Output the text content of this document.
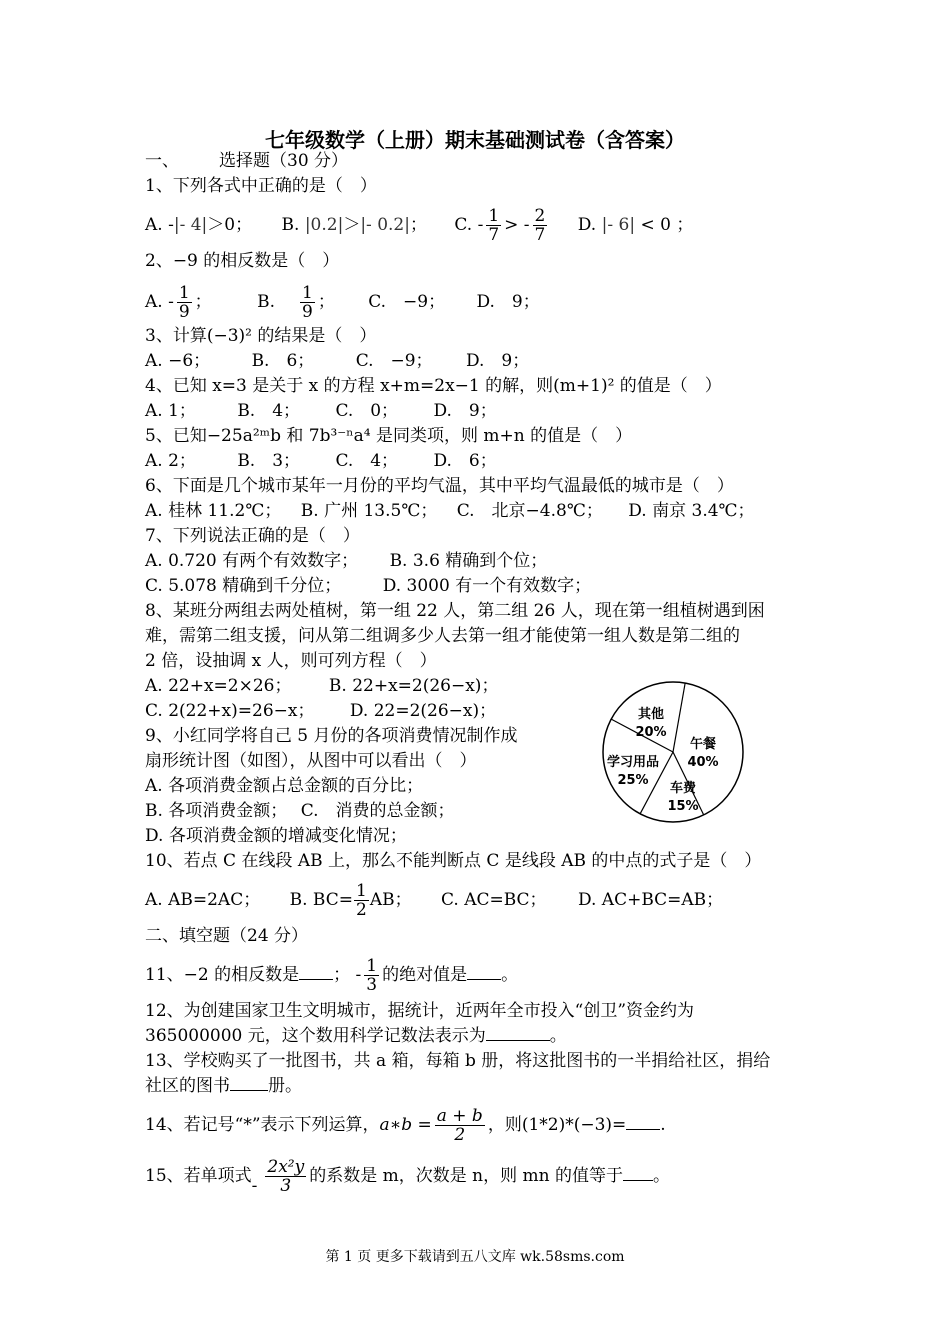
七年级数学（上册）期末基础测试卷（含答案）
一、 选择题（30 分）
1、下列各式中正确的是（　）
A. -|- 4|＞0； B. |0.2|＞|- 0.2|； C. - $\frac{1}{7}$ > - $\frac{2}{7} D$. |- 6| < 0 ；
2、−9 的相反数是（　）
A. - $\frac{1}{9}$ ；	B. $\frac{1}{9}$ ； C.　−9； D.　9；
3、计算(−3)² 的结果是（　）
A. −6； B.　6； C.　−9； D.　9；
4、已知 x=3 是关于 x 的方程 x+m=2x−1 的解，则(m+1)² 的值是（　）
A. 1； B.　4； C.　0； D.　9；
5、已知−25a²ᵐb 和 7b³⁻ⁿa⁴ 是同类项，则 m+n 的值是（　）
A. 2； B.　3； C.　4； D.　6；
6、下面是几个城市某年一月份的平均气温，其中平均气温最低的城市是（　）
A. 桂林 11.2℃； B. 广州 13.5℃； C.　北京−4.8℃； D. 南京 3.4℃；
7、下列说法正确的是（　）
A. 0.720 有两个有效数字； B. 3.6 精确到个位；
C. 5.078 精确到千分位； D. 3000 有一个有效数字；
8、某班分两组去两处植树，第一组 22 人，第二组 26 人，现在第一组植树遇到困
难，需第二组支援，问从第二组调多少人去第一组才能使第一组人数是第二组的
2 倍，设抽调 x 人，则可列方程（　）
A. 22+x=2×26； B. 22+x=2(26−x)；
C. 2(22+x)=26−x； D. 22=2(26−x)；
9、小红同学将自己 5 月份的各项消费情况制作成
扇形统计图（如图），从图中可以看出（　）
A. 各项消费金额占总金额的百分比；
B. 各项消费金额； C.　消费的总金额；
D. 各项消费金额的增减变化情况；
午餐
40%
车费
15%
学习用品
25%
其他
20%
10、若点 C 在线段 AB 上，那么不能判断点 C 是线段 AB 的中点的式子是（　）
A. AB=2AC； B. $BC= \frac{1}{2}$ AB； C. AC=BC； D. AC+BC=AB；
二、填空题（24 分）
11、−2 的相反数是 ； - $\frac{1}{3}$ 的绝对值是 。
12、为创建国家卫生文明城市，据统计，近两年全市投入“创卫”资金约为
365000000 元，这个数用科学记数法表示为	。
13、学校购买了一批图书，共 a 箱，每箱 b 册，将这批图书的一半捐给社区，捐给
社区的图书 册。
14、若记号“*”表示下列运算，a∗b = $\frac{a + b}{2}$ ，则(1*2)*(−3)= .
15、若单项式- $\frac{\text{2x²y}}{3}$ 的系数是 m，次数是 n，则 mn 的值等于 。
第 1 页 更多下载请到五八文库 wk.58sms.com
